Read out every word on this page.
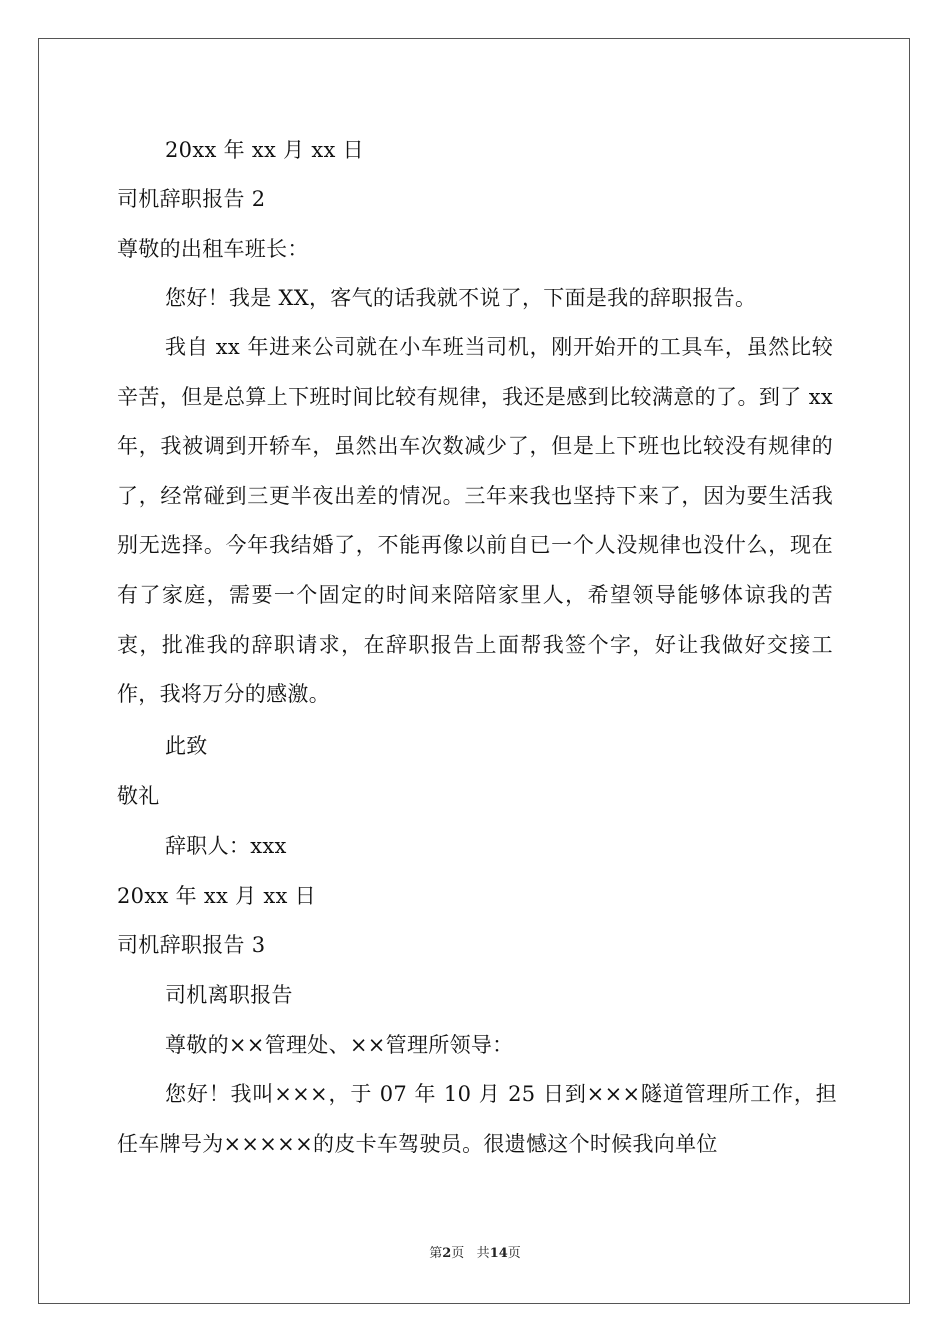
20xx 年 xx 月 xx 日
司机辞职报告 2
尊敬的出租车班长：
您好！我是 XX，客气的话我就不说了，下面是我的辞职报告。
我自 xx 年进来公司就在小车班当司机，刚开始开的工具车，虽然比较辛苦，但是总算上下班时间比较有规律，我还是感到比较满意的了。到了 xx 年，我被调到开轿车，虽然出车次数减少了，但是上下班也比较没有规律的了，经常碰到三更半夜出差的情况。三年来我也坚持下来了，因为要生活我别无选择。今年我结婚了，不能再像以前自已一个人没规律也没什么，现在有了家庭，需要一个固定的时间来陪陪家里人，希望领导能够体谅我的苦衷，批准我的辞职请求，在辞职报告上面帮我签个字，好让我做好交接工作，我将万分的感激。
此致
敬礼
辞职人：xxx
20xx 年 xx 月 xx 日
司机辞职报告 3
司机离职报告
尊敬的××管理处、××管理所领导：
您好！我叫×××，于 07 年 10 月 25 日到×××隧道管理所工作，担任车牌号为×××××的皮卡车驾驶员。很遗憾这个时候我向单位
第2页 共14页
